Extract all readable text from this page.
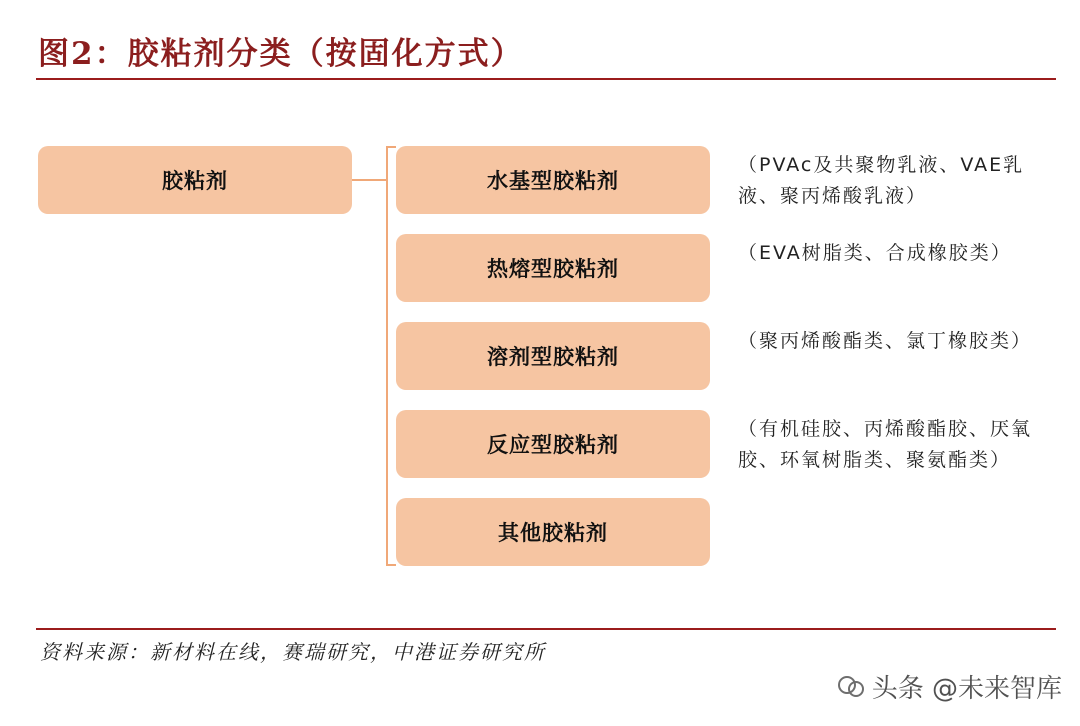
图2：胶粘剂分类（按固化方式）
胶粘剂	水基型胶粘剂
热熔型胶粘剂
溶剂型胶粘剂
反应型胶粘剂
其他胶粘剂
（PVAc及共聚物乳液、VAE乳液、聚丙烯酸乳液）
（EVA树脂类、合成橡胶类）
（聚丙烯酸酯类、氯丁橡胶类）
（有机硅胶、丙烯酸酯胶、厌氧胶、环氧树脂类、聚氨酯类）
资料来源：新材料在线，赛瑞研究，中港证券研究所
头条 @未来智库
